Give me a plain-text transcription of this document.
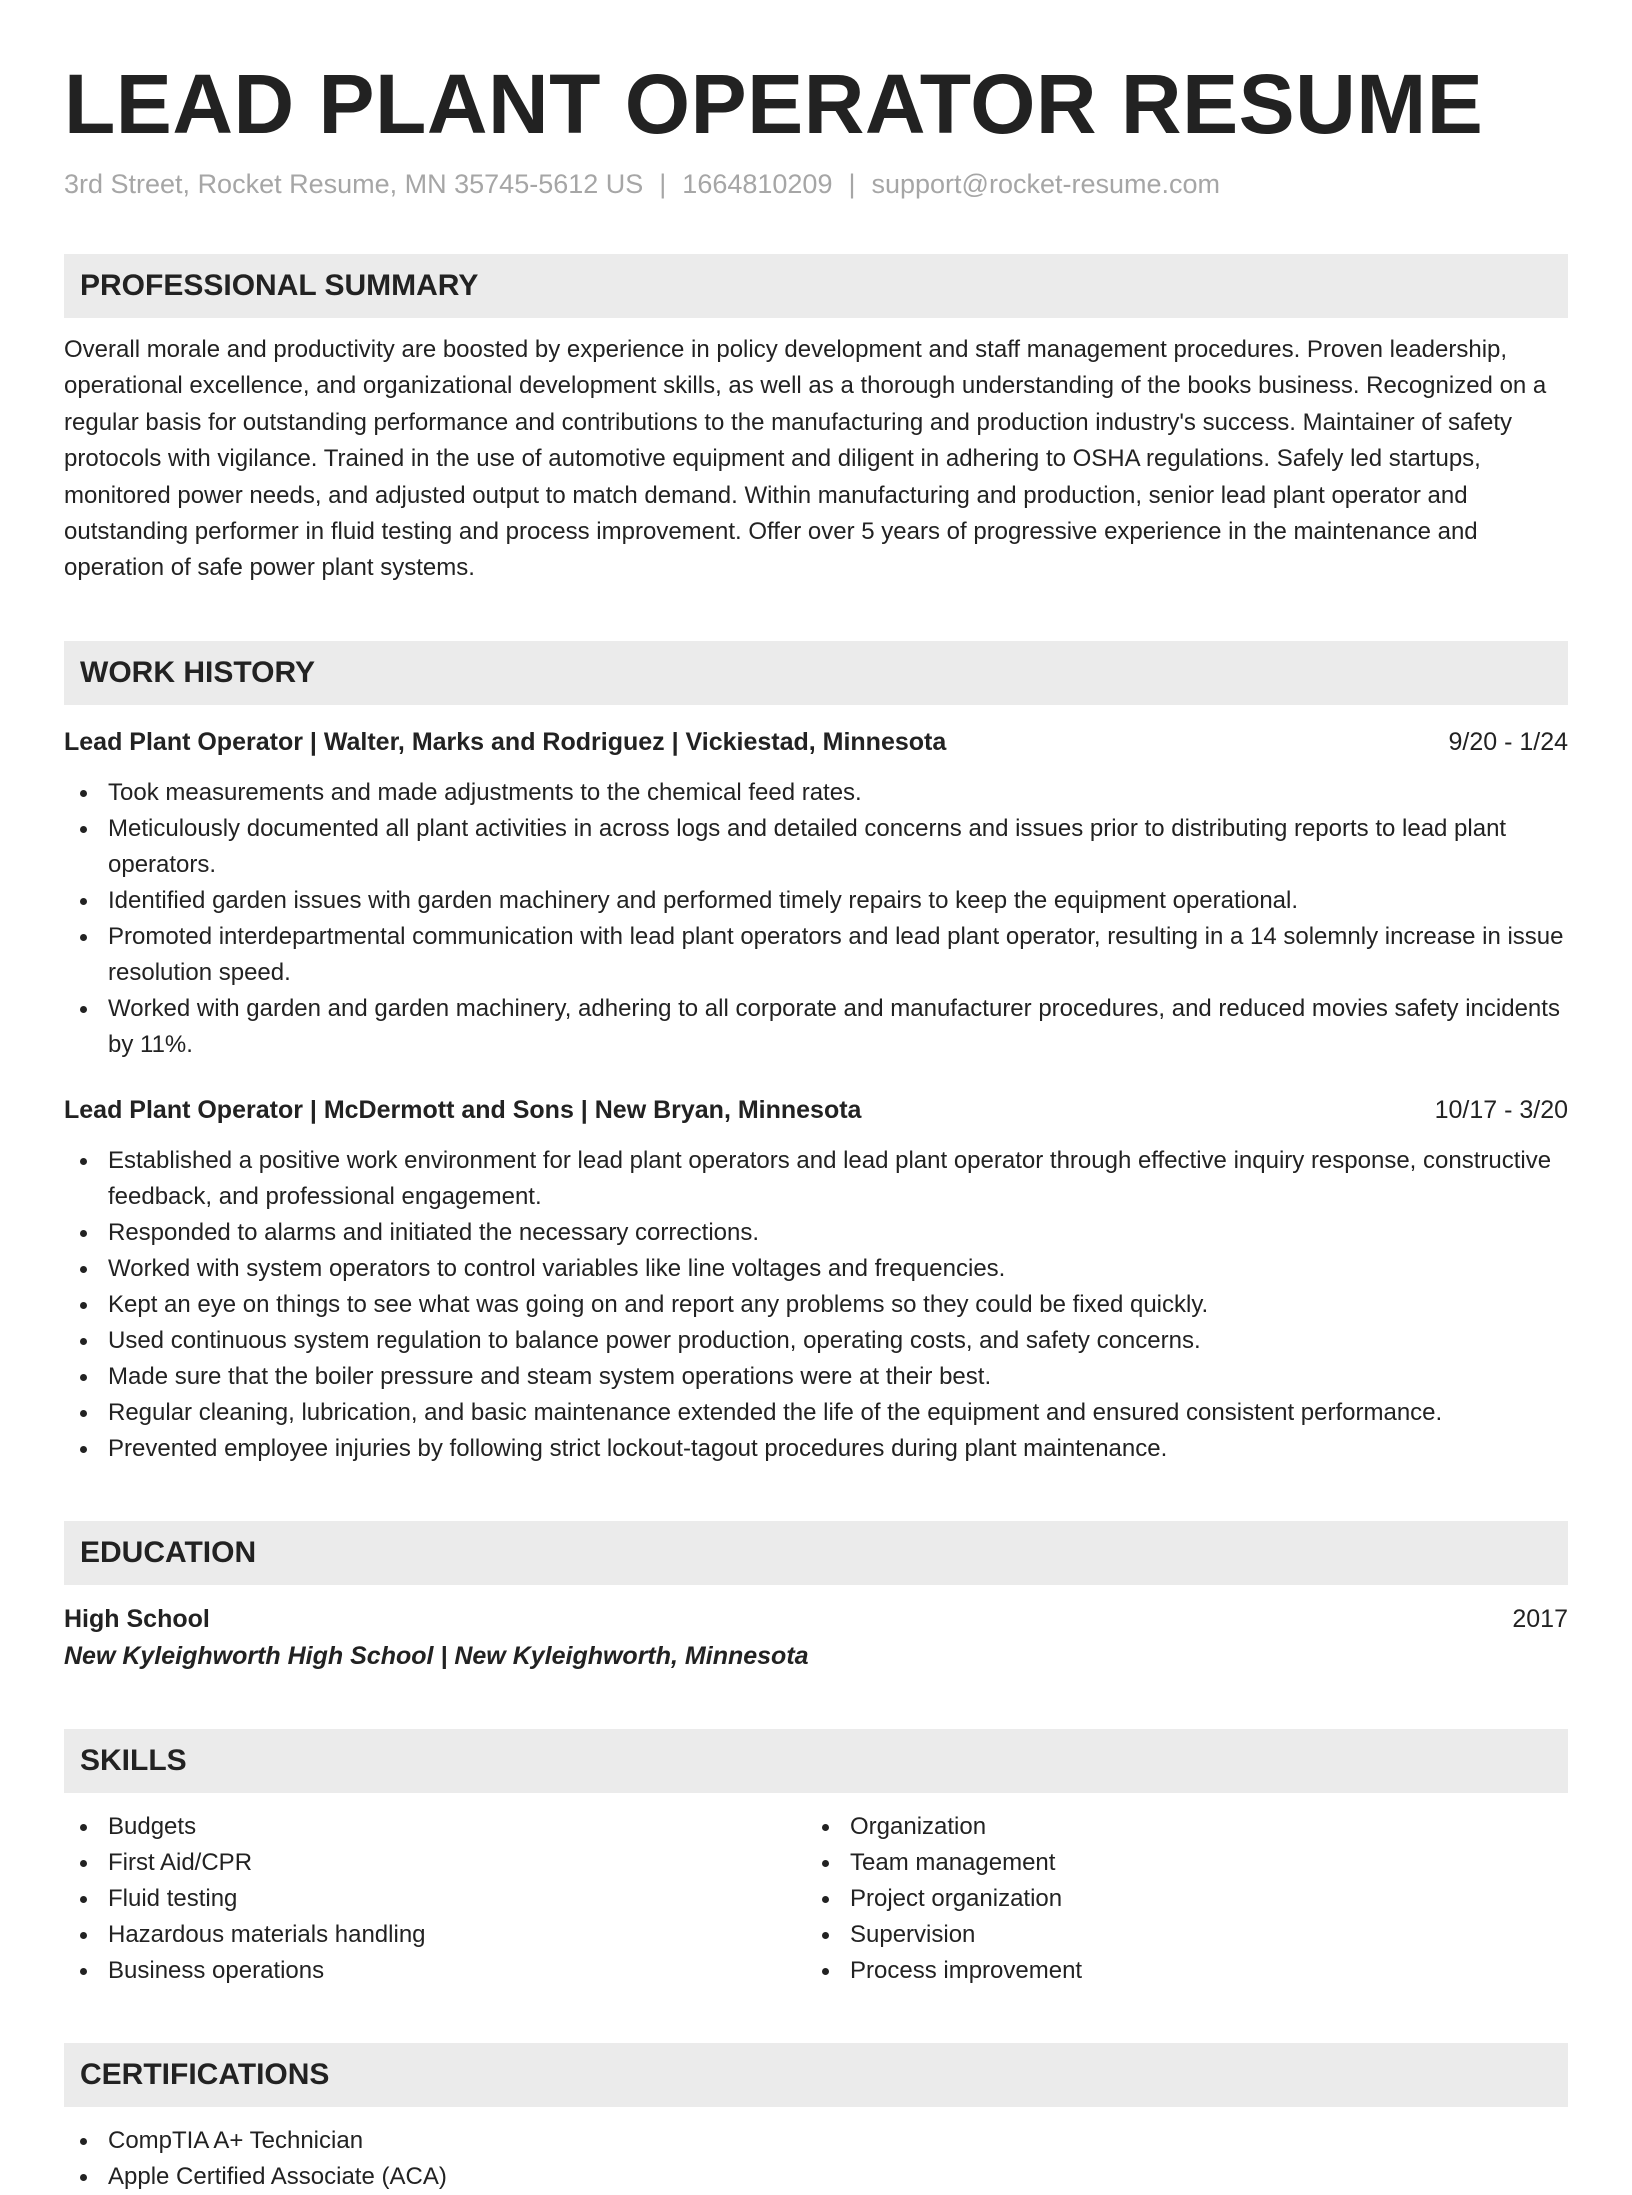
LEAD PLANT OPERATOR RESUME
3rd Street, Rocket Resume, MN 35745-5612 US | 1664810209 | support@rocket-resume.com
PROFESSIONAL SUMMARY

Overall morale and productivity are boosted by experience in policy development and staff management procedures. Proven leadership, operational excellence, and organizational development skills, as well as a thorough understanding of the books business. Recognized on a regular basis for outstanding performance and contributions to the manufacturing and production industry's success. Maintainer of safety protocols with vigilance. Trained in the use of automotive equipment and diligent in adhering to OSHA regulations. Safely led startups, monitored power needs, and adjusted output to match demand. Within manufacturing and production, senior lead plant operator and outstanding performer in fluid testing and process improvement. Offer over 5 years of progressive experience in the maintenance and operation of safe power plant systems.

WORK HISTORY
Lead Plant Operator | Walter, Marks and Rodriguez | Vickiestad, Minnesota	9/20 - 1/24
Took measurements and made adjustments to the chemical feed rates.
Meticulously documented all plant activities in across logs and detailed concerns and issues prior to distributing reports to lead plant operators.
Identified garden issues with garden machinery and performed timely repairs to keep the equipment operational.
Promoted interdepartmental communication with lead plant operators and lead plant operator, resulting in a 14 solemnly increase in issue resolution speed.
Worked with garden and garden machinery, adhering to all corporate and manufacturer procedures, and reduced movies safety incidents by 11%.
Lead Plant Operator | McDermott and Sons | New Bryan, Minnesota	10/17 - 3/20
Established a positive work environment for lead plant operators and lead plant operator through effective inquiry response, constructive feedback, and professional engagement.
Responded to alarms and initiated the necessary corrections.
Worked with system operators to control variables like line voltages and frequencies.
Kept an eye on things to see what was going on and report any problems so they could be fixed quickly.
Used continuous system regulation to balance power production, operating costs, and safety concerns.
Made sure that the boiler pressure and steam system operations were at their best.
Regular cleaning, lubrication, and basic maintenance extended the life of the equipment and ensured consistent performance.
Prevented employee injuries by following strict lockout-tagout procedures during plant maintenance.
EDUCATION
High School	2017
New Kyleighworth High School | New Kyleighworth, Minnesota
SKILLS
Budgets
First Aid/CPR
Fluid testing
Hazardous materials handling
Business operations
Organization
Team management
Project organization
Supervision
Process improvement
CERTIFICATIONS
CompTIA A+ Technician
Apple Certified Associate (ACA)
